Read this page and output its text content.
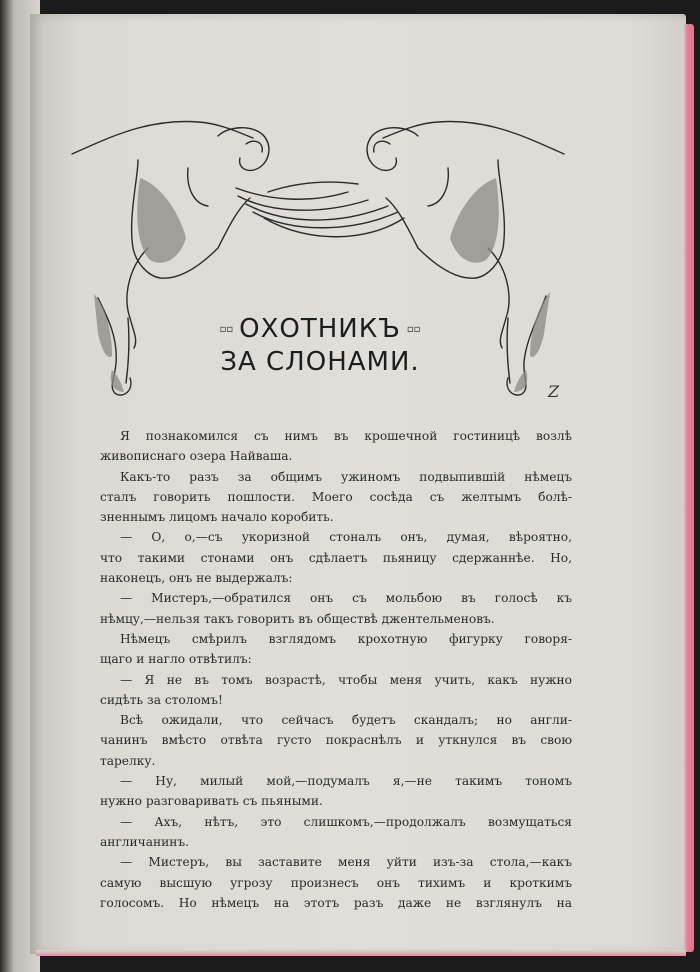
▫▫ ОХОТНИКЪ ▫▫
ЗА СЛОНАМИ.
Z

Я познакомился съ нимъ въ крошечной гостиницѣ возлѣ
живописнаго озера Найваша.

Какъ-то разъ за общимъ ужиномъ подвыпившій нѣмецъ
сталъ говорить пошлости. Моего сосѣда съ желтымъ болѣ-
зненнымъ лицомъ начало коробить.

— О, о,—съ укоризной стоналъ онъ, думая, вѣроятно,
что такими стонами онъ сдѣлаетъ пьяницу сдержаннѣе. Но,
наконецъ, онъ не выдержалъ:

— Мистеръ,—обратился онъ съ мольбою въ голосѣ къ
нѣмцу,—нельзя такъ говорить въ обществѣ джентельменовъ.

Нѣмецъ смѣрилъ взглядомъ крохотную фигурку говоря-
щаго и нагло отвѣтилъ:

— Я не въ томъ возрастѣ, чтобы меня учить, какъ нужно
сидѣть за столомъ!

Всѣ ожидали, что сейчасъ будетъ скандалъ; но англи-
чанинъ вмѣсто отвѣта густо покраснѣлъ и уткнулся въ свою
тарелку.

— Ну, милый мой,—подумалъ я,—не такимъ тономъ
нужно разговаривать съ пьяными.

— Ахъ, нѣтъ, это слишкомъ,—продолжалъ возмущаться
англичанинъ.

— Мистеръ, вы заставите меня уйти изъ-за стола,—какъ
самую высшую угрозу произнесъ онъ тихимъ и кроткимъ
голосомъ. Но нѣмецъ на этотъ разъ даже не взглянулъ на
